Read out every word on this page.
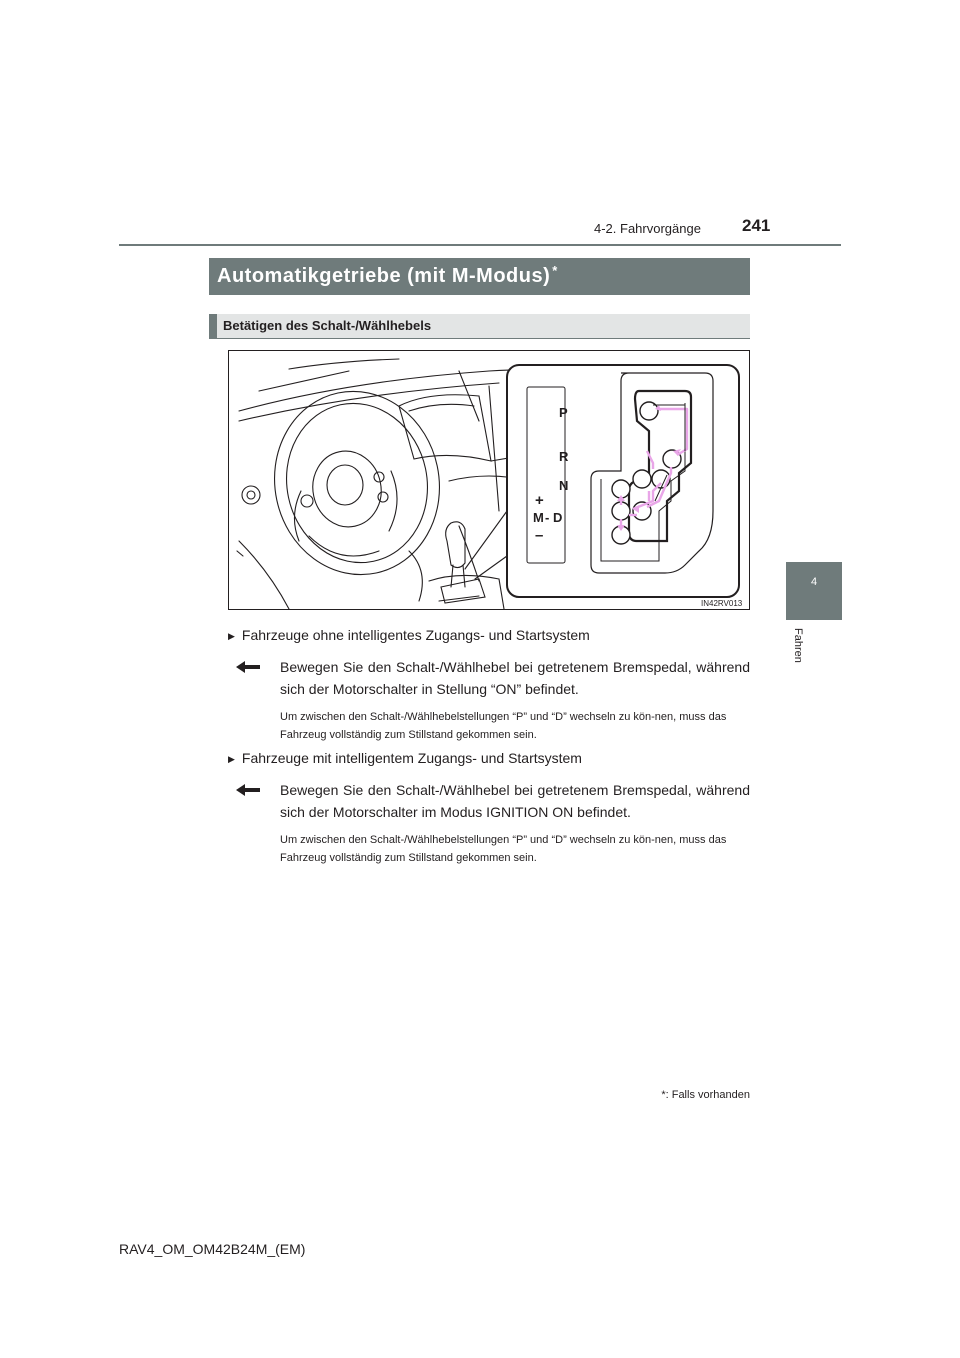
4-2. Fahrvorgänge 241
4
Fahren
Automatikgetriebe (mit M-Modus) *
Betätigen des Schalt-/Wählhebels
P
R
N
D
M -
+
–
IN42RV013
▶ Fahrzeuge ohne intelligentes Zugangs- und Startsystem
Bewegen Sie den Schalt-/Wählhebel bei getretenem Bremspedal, während sich der Motorschalter in Stellung “ON” befindet.
Um zwischen den Schalt-/Wählhebelstellungen “P” und “D” wechseln zu kön-nen, muss das Fahrzeug vollständig zum Stillstand gekommen sein.
▶ Fahrzeuge mit intelligentem Zugangs- und Startsystem
Bewegen Sie den Schalt-/Wählhebel bei getretenem Bremspedal, während sich der Motorschalter im Modus IGNITION ON befindet.
Um zwischen den Schalt-/Wählhebelstellungen “P” und “D” wechseln zu kön-nen, muss das Fahrzeug vollständig zum Stillstand gekommen sein.
*: Falls vorhanden
RAV4_OM_OM42B24M_(EM)
